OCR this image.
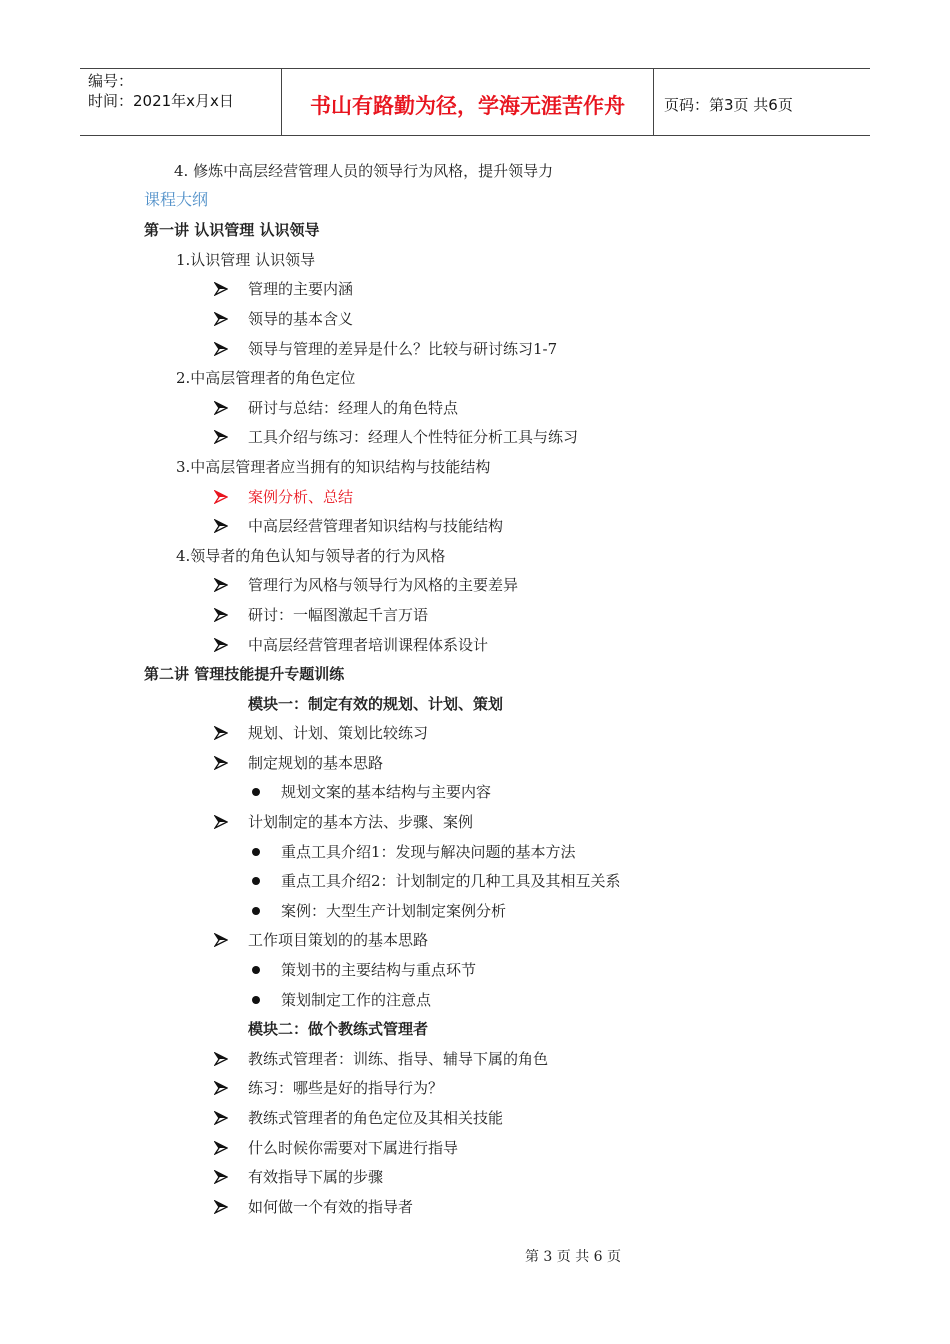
编号：
时间：2021年x月x日	书山有路勤为径，学海无涯苦作舟	页码：第3页 共6页
4. 修炼中高层经营管理人员的领导行为风格，提升领导力
课程大纲
第一讲 认识管理 认识领导
1.认识管理 认识领导
管理的主要内涵
领导的基本含义
领导与管理的差异是什么？比较与研讨练习1-7
2.中高层管理者的角色定位
研讨与总结：经理人的角色特点
工具介绍与练习：经理人个性特征分析工具与练习
3.中高层管理者应当拥有的知识结构与技能结构
案例分析、总结
中高层经营管理者知识结构与技能结构
4.领导者的角色认知与领导者的行为风格
管理行为风格与领导行为风格的主要差异
研讨：一幅图激起千言万语
中高层经营管理者培训课程体系设计
第二讲 管理技能提升专题训练
模块一：制定有效的规划、计划、策划
规划、计划、策划比较练习
制定规划的基本思路
规划文案的基本结构与主要内容
计划制定的基本方法、步骤、案例
重点工具介绍1：发现与解决问题的基本方法
重点工具介绍2：计划制定的几种工具及其相互关系
案例：大型生产计划制定案例分析
工作项目策划的的基本思路
策划书的主要结构与重点环节
策划制定工作的注意点
模块二：做个教练式管理者
教练式管理者：训练、指导、辅导下属的角色
练习：哪些是好的指导行为？
教练式管理者的角色定位及其相关技能
什么时候你需要对下属进行指导
有效指导下属的步骤
如何做一个有效的指导者
第 3 页 共 6 页
